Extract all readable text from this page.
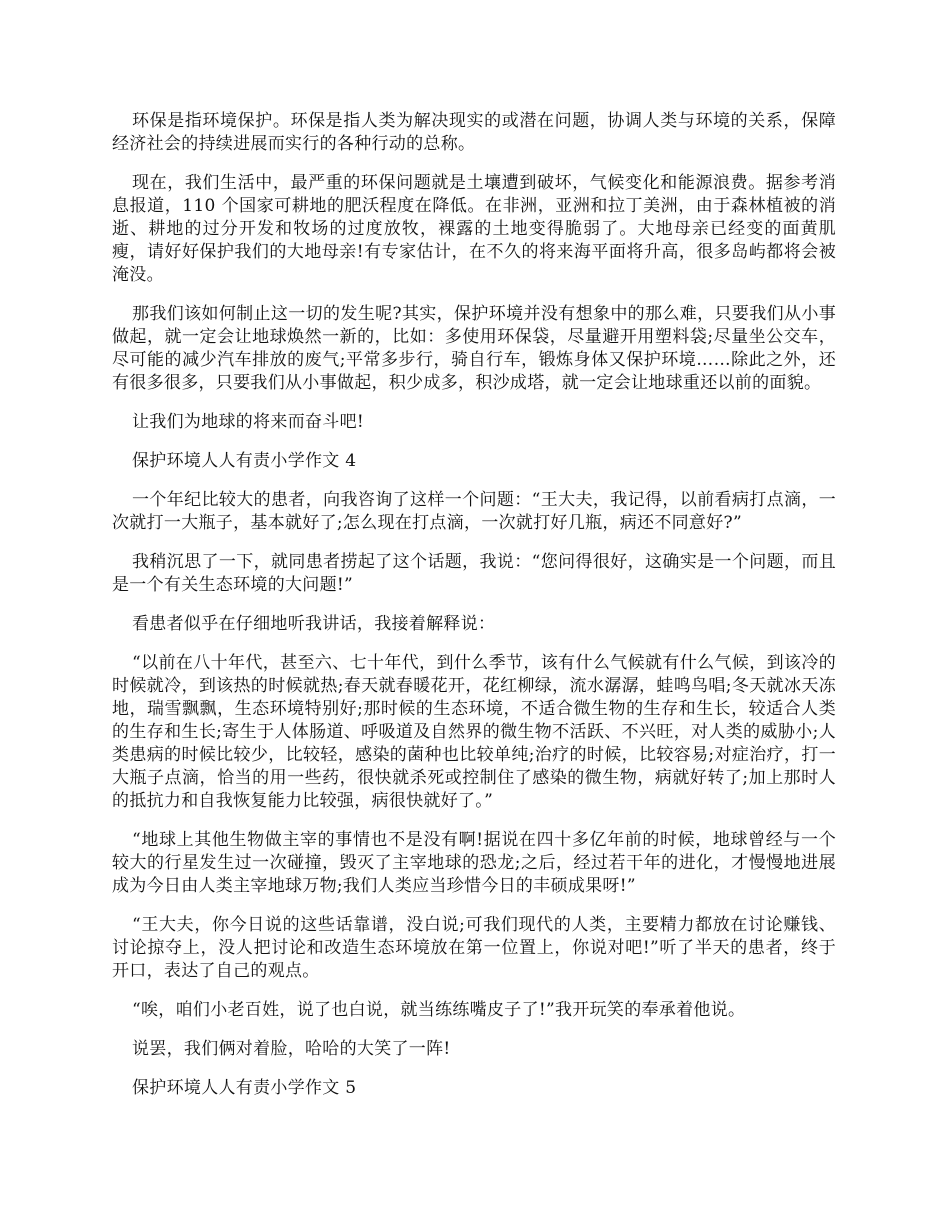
环保是指环境保护。环保是指人类为解决现实的或潜在问题，协调人类与环境的关系，保障经济社会的持续进展而实行的各种行动的总称。

现在，我们生活中，最严重的环保问题就是土壤遭到破坏，气候变化和能源浪费。据参考消息报道，110 个国家可耕地的肥沃程度在降低。在非洲，亚洲和拉丁美洲，由于森林植被的消逝、耕地的过分开发和牧场的过度放牧，裸露的土地变得脆弱了。大地母亲已经变的面黄肌瘦，请好好保护我们的大地母亲!有专家估计，在不久的将来海平面将升高，很多岛屿都将会被淹没。

那我们该如何制止这一切的发生呢?其实，保护环境并没有想象中的那么难，只要我们从小事做起，就一定会让地球焕然一新的，比如：多使用环保袋，尽量避开用塑料袋;尽量坐公交车，尽可能的减少汽车排放的废气;平常多步行，骑自行车，锻炼身体又保护环境……除此之外，还有很多很多，只要我们从小事做起，积少成多，积沙成塔，就一定会让地球重还以前的面貌。

让我们为地球的将来而奋斗吧!

保护环境人人有责小学作文 4

一个年纪比较大的患者，向我咨询了这样一个问题：“王大夫，我记得，以前看病打点滴，一次就打一大瓶子，基本就好了;怎么现在打点滴，一次就打好几瓶，病还不同意好?”

我稍沉思了一下，就同患者捞起了这个话题，我说：“您问得很好，这确实是一个问题，而且是一个有关生态环境的大问题!”

看患者似乎在仔细地听我讲话，我接着解释说：

“以前在八十年代，甚至六、七十年代，到什么季节，该有什么气候就有什么气候，到该冷的时候就冷，到该热的时候就热;春天就春暖花开，花红柳绿，流水潺潺，蛙鸣鸟唱;冬天就冰天冻地，瑞雪飘飘，生态环境特别好;那时候的生态环境，不适合微生物的生存和生长，较适合人类的生存和生长;寄生于人体肠道、呼吸道及自然界的微生物不活跃、不兴旺，对人类的威胁小;人类患病的时候比较少，比较轻，感染的菌种也比较单纯;治疗的时候，比较容易;对症治疗，打一大瓶子点滴，恰当的用一些药，很快就杀死或控制住了感染的微生物，病就好转了;加上那时人的抵抗力和自我恢复能力比较强，病很快就好了。”

“地球上其他生物做主宰的事情也不是没有啊!据说在四十多亿年前的时候，地球曾经与一个较大的行星发生过一次碰撞，毁灭了主宰地球的恐龙;之后，经过若干年的进化，才慢慢地进展成为今日由人类主宰地球万物;我们人类应当珍惜今日的丰硕成果呀!”

“王大夫，你今日说的这些话靠谱，没白说;可我们现代的人类，主要精力都放在讨论赚钱、讨论掠夺上，没人把讨论和改造生态环境放在第一位置上，你说对吧!”听了半天的患者，终于开口，表达了自己的观点。

“唉，咱们小老百姓，说了也白说，就当练练嘴皮子了!”我开玩笑的奉承着他说。

说罢，我们俩对着脸，哈哈的大笑了一阵!

保护环境人人有责小学作文 5
